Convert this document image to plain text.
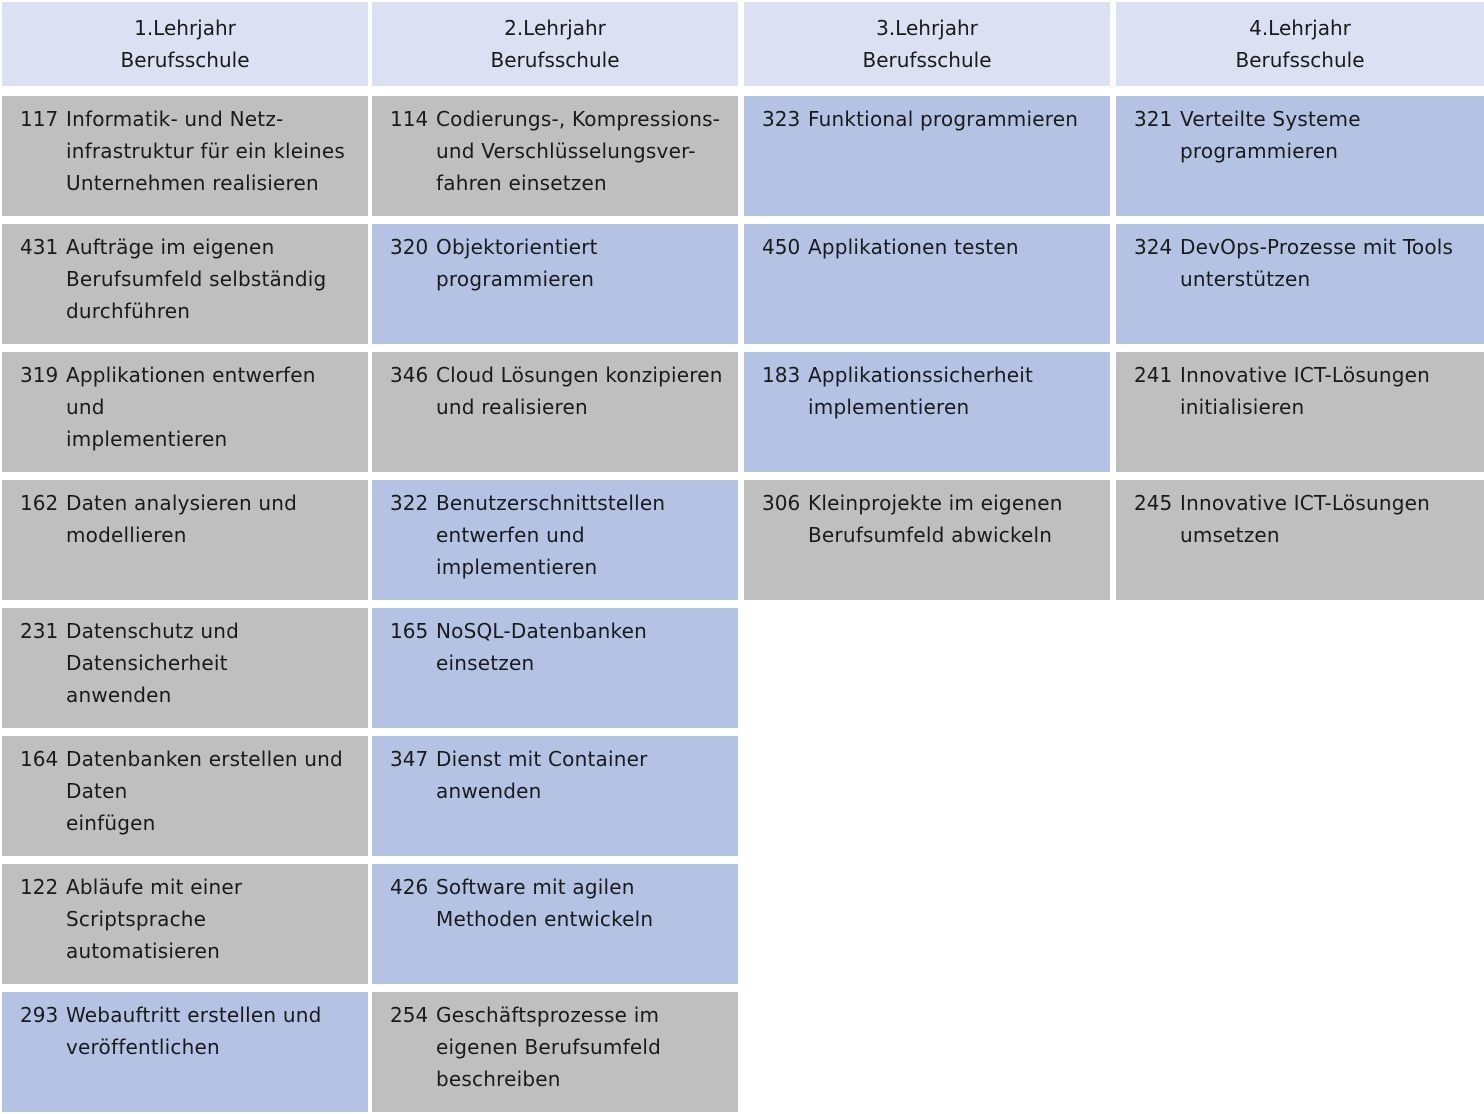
1.Lehrjahr
Berufsschule
117 Informatik- und Netz-
infrastruktur für ein kleines
Unternehmen realisieren
431 Aufträge im eigenen
Berufsumfeld selbständig
durchführen
319 Applikationen entwerfen und
implementieren
162 Daten analysieren und
modellieren
231 Datenschutz und
Datensicherheit
anwenden
164 Datenbanken erstellen und
Daten
einfügen
122 Abläufe mit einer
Scriptsprache automatisieren
293 Webauftritt erstellen und
veröffentlichen
2.Lehrjahr
Berufsschule
114 Codierungs-, Kompressions-
und Verschlüsselungsver-
fahren einsetzen
320 Objektorientiert
programmieren
346 Cloud Lösungen konzipieren
und realisieren
322 Benutzerschnittstellen
entwerfen und
implementieren
165 NoSQL-Datenbanken
einsetzen
347 Dienst mit Container
anwenden
426 Software mit agilen
Methoden entwickeln
254 Geschäftsprozesse im
eigenen Berufsumfeld
beschreiben
3.Lehrjahr
Berufsschule
323 Funktional programmieren
450 Applikationen testen
183 Applikationssicherheit
implementieren
306 Kleinprojekte im eigenen
Berufsumfeld abwickeln
4.Lehrjahr
Berufsschule
321 Verteilte Systeme
programmieren
324 DevOps-Prozesse mit Tools
unterstützen
241 Innovative ICT-Lösungen
initialisieren
245 Innovative ICT-Lösungen
umsetzen
